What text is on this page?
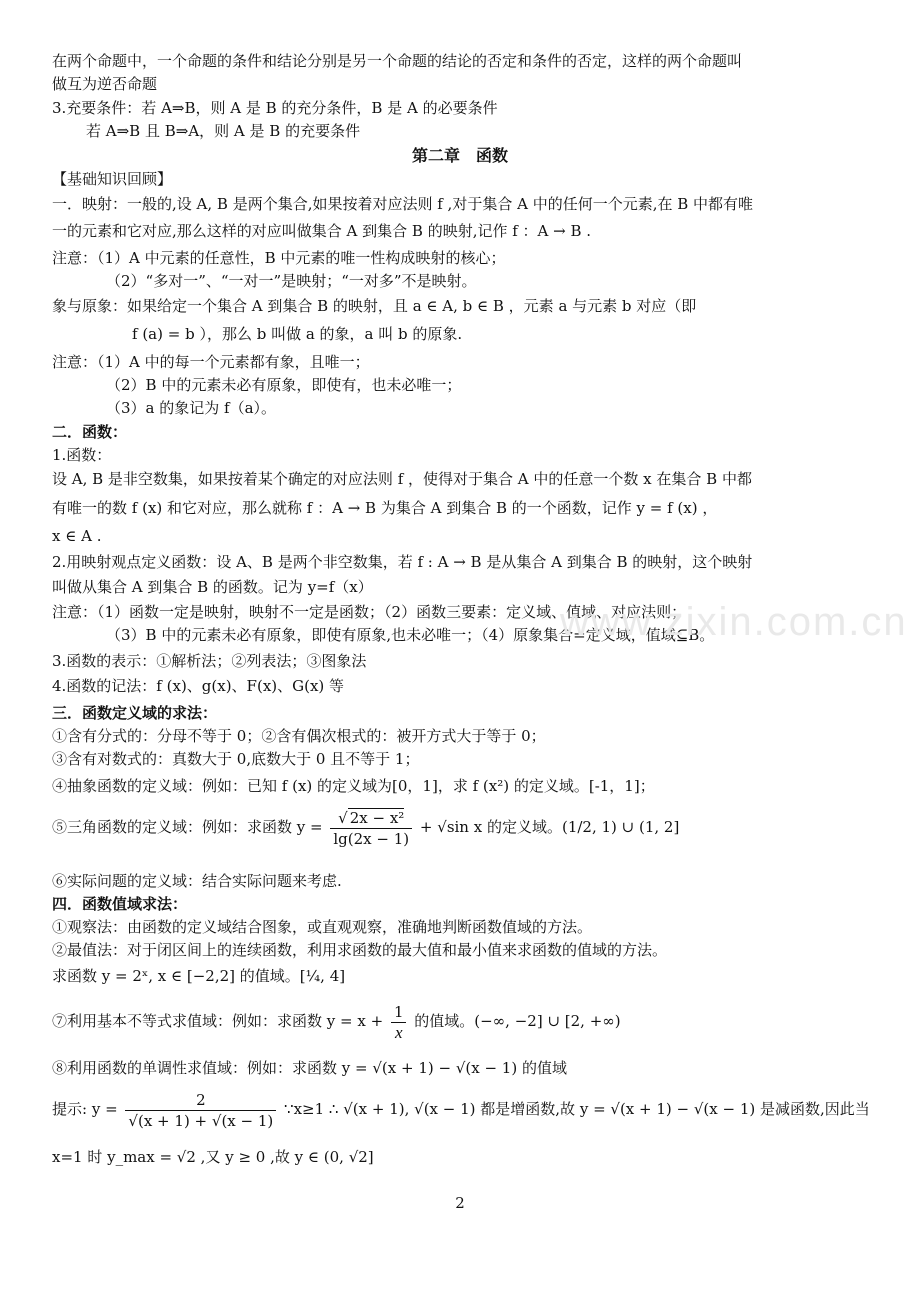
在两个命题中，一个命题的条件和结论分别是另一个命题的结论的否定和条件的否定，这样的两个命题叫
做互为逆否命题
3.充要条件：若 A⇒B，则 A 是 B 的充分条件，B 是 A 的必要条件
若 A⇒B 且 B⇒A，则 A 是 B 的充要条件
第二章　函数
【基础知识回顾】
一．映射：一般的,设 A, B 是两个集合,如果按着对应法则 f ,对于集合 A 中的任何一个元素,在 B 中都有唯
一的元素和它对应,那么这样的对应叫做集合 A 到集合 B 的映射,记作 f ：A → B .
注意：（1）A 中元素的任意性，B 中元素的唯一性构成映射的核心；
（2）“多对一”、“一对一”是映射；“一对多”不是映射。
象与原象：如果给定一个集合 A 到集合 B 的映射，且 a ∈ A, b ∈ B ，元素 a 与元素 b 对应（即
f (a) = b ），那么 b 叫做 a 的象，a 叫 b 的原象.
注意：（1）A 中的每一个元素都有象，且唯一；
（2）B 中的元素未必有原象，即使有，也未必唯一；
（3）a 的象记为 f（a）。
二．函数：
1.函数：
设 A, B 是非空数集，如果按着某个确定的对应法则 f ，使得对于集合 A 中的任意一个数 x 在集合 B 中都
有唯一的数 f (x) 和它对应，那么就称 f ：A → B 为集合 A 到集合 B 的一个函数，记作 y = f (x) ，
x ∈ A .
2.用映射观点定义函数：设 A、B 是两个非空数集，若 f : A → B 是从集合 A 到集合 B 的映射，这个映射
叫做从集合 A 到集合 B 的函数。记为 y=f（x）
注意：（1）函数一定是映射，映射不一定是函数；（2）函数三要素：定义域、值域、对应法则；
（3）B 中的元素未必有原象，即使有原象,也未必唯一；（4）原象集合=定义域，值域⊆B。
3.函数的表示：①解析法；②列表法；③图象法
4.函数的记法：f (x)、g(x)、F(x)、G(x) 等
三．函数定义域的求法：
①含有分式的：分母不等于 0；②含有偶次根式的：被开方式大于等于 0；
③含有对数式的：真数大于 0,底数大于 0 且不等于 1；
④抽象函数的定义域：例如：已知 f (x) 的定义域为[0，1]，求 f (x²) 的定义域。[-1，1]；
⑤三角函数的定义域：例如：求函数 $y = \frac{\text{√ 2x − x²}}{\lg(2x - 1)} + √\sin$ x 的定义域。(1/2, 1) ∪ (1, 2]
⑥实际问题的定义域：结合实际问题来考虑.
四．函数值域求法：
①观察法：由函数的定义域结合图象，或直观观察，准确地判断函数值域的方法。
②最值法：对于闭区间上的连续函数，利用求函数的最大值和最小值来求函数的值域的方法。
求函数 y = 2ˣ, x ∈ [−2,2] 的值域。[¼, 4]
⑦利用基本不等式求值域：例如：求函数 $y = x + \frac{1}{x}$ 的值域。(−∞, −2] ∪ [2, +∞)
⑧利用函数的单调性求值域：例如：求函数 y = √(x + 1) − √(x − 1) 的值域
提示: $y = \frac{2}{√(x + 1) + √(x - 1)}$ ∵x≥1 ∴ √(x + 1), √(x − 1) 都是增函数,故 y = √(x + 1) − √(x − 1) 是减函数,因此当
x=1 时 y_max = √2 ,又 y ≥ 0 ,故 y ∈ (0, √2]
www.zixin.com.cn
2
